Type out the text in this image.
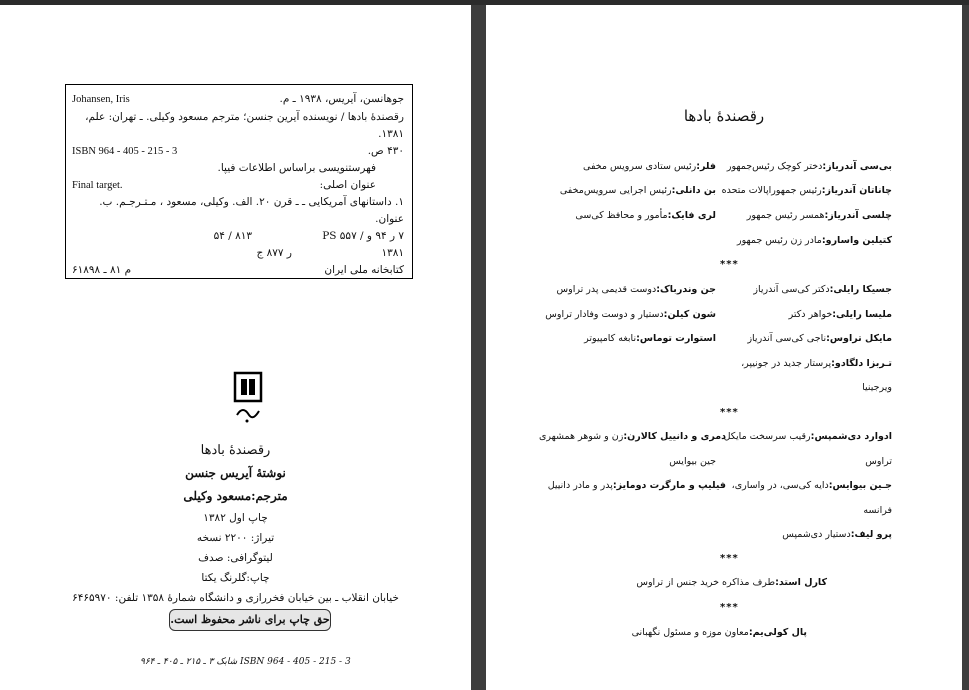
جوهانسن، آیریس، ۱۹۳۸ ـ م.
Johansen, Iris
رقصندهٔ بادها / نویسنده آیرین جنسن؛ مترجم مسعود وکیلی. ـ تهران: علم،
۱۳۸۱.
۴۳۰ ص.
ISBN 964 - 405 - 215 - 3
فهرستنویسی براساس اطلاعات فیپا.
عنوان اصلی:
Final target.
۱. داستانهای آمریکایی ـ ـ قرن ۲۰. الف. وکیلی، مسعود ، مـتـرجـم. ب.
عنوان.
۷ ر ۹۴ و / PS ۵۵۷
۸۱۳ / ۵۴
۱۳۸۱
ر ۸۷۷ ج
کتابخانه ملی ایران
م ۸۱ ـ ۶۱۸۹۸
رقصندهٔ بادها
نوشتهٔ آیریس جنسن
مترجم:مسعود وکیلی
چاپ اول ۱۳۸۲
تیراژ: ۲۲۰۰ نسخه
لیتوگرافی: صدف
چاپ:گلرنگ یکتا
خیابان انقلاب ـ بین خیابان فخررازی و دانشگاه شمارهٔ ۱۳۵۸ تلفن: ۶۴۶۵۹۷۰
حق چاپ برای ناشر محفوظ است.
شابک ۳ ـ ۲۱۵ ـ ۴۰۵ ـ ۹۶۴ ISBN 964 - 405 - 215 - 3
رقصندهٔ بادها
بی‌سی آندریاز:دختر کوچک رئیس‌جمهور
فلر:رئیس ستادی سرویس مخفی
چاناتان آندریاز:رئیس جمهوراپالات متحده
بن دانلی:رئیس اجرایی سرویس‌مخفی
چلسی آندریاز:همسر رئیس جمهور
لری فایک:مأمور و محافظ کی‌سی
کتیلین واسارو:مادر زن رئیس جمهور
***
جسیکا رایلی:دکتر کی‌سی آندریاز
جن وندرباک:دوست قدیمی پدر تراوس
ملیسا رایلی:خواهر دکتر
شون کیلن:دستیار و دوست وفادار تراوس
مایکل تراوس:ناجی کی‌سی آندریاز
استوارت توماس:نابغه کامپیوتر
تـربزا دلگادو:پرستار جدید در جونیپر،
ویرجینیا
***
ادوارد دی‌شمپس:رقیب سرسخت مایکل
دمری و دانییل کالارن:زن و شوهر همشهری
تراوس
جین بیوایس
جـین بیوایس:دایه کی‌سی، در واساری،
فیلیپ و مارگرت دومایز:پدر و مادر دانییل
فرانسه
پرو لیف:دستیار دی‌شمپس
***
کارل استد:طرف مذاکره خرید جنس از تراوس
***
پال کولی‌یم:معاون موزه و مسئول نگهبانی
